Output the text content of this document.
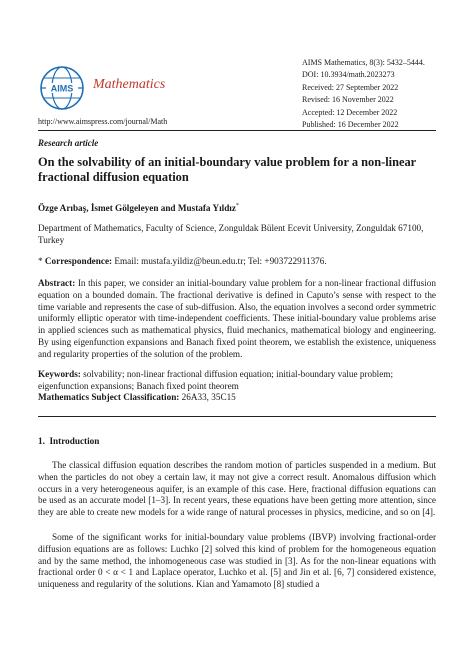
AIMS Mathematics
AIMS Mathematics, 8(3): 5432–5444.
DOI: 10.3934/math.2023273
Received: 27 September 2022
Revised: 16 November 2022
Accepted: 12 December 2022
Published: 16 December 2022
http://www.aimspress.com/journal/Math
Research article
On the solvability of an initial-boundary value problem for a non-linear fractional diffusion equation
Özge Arıbaş, İsmet Gölgeleyen and Mustafa Yıldız*
Department of Mathematics, Faculty of Science, Zonguldak Bülent Ecevit University, Zonguldak 67100, Turkey
* Correspondence: Email: mustafa.yildiz@beun.edu.tr; Tel: +903722911376.
Abstract: In this paper, we consider an initial-boundary value problem for a non-linear fractional diffusion equation on a bounded domain. The fractional derivative is defined in Caputo’s sense with respect to the time variable and represents the case of sub-diffusion. Also, the equation involves a second order symmetric uniformly elliptic operator with time-independent coefficients. These initial-boundary value problems arise in applied sciences such as mathematical physics, fluid mechanics, mathematical biology and engineering. By using eigenfunction expansions and Banach fixed point theorem, we establish the existence, uniqueness and regularity properties of the solution of the problem.
Keywords: solvability; non-linear fractional diffusion equation; initial-boundary value problem; eigenfunction expansions; Banach fixed point theorem
Mathematics Subject Classification: 26A33, 35C15
1. Introduction
The classical diffusion equation describes the random motion of particles suspended in a medium. But when the particles do not obey a certain law, it may not give a correct result. Anomalous diffusion which occurs in a very heterogeneous aquifer, is an example of this case. Here, fractional diffusion equations can be used as an accurate model [1–3]. In recent years, these equations have been getting more attention, since they are able to create new models for a wide range of natural processes in physics, medicine, and so on [4].
Some of the significant works for initial-boundary value problems (IBVP) involving fractional-order diffusion equations are as follows: Luchko [2] solved this kind of problem for the homogeneous equation and by the same method, the inhomogeneous case was studied in [3]. As for the non-linear equations with fractional order 0 < α < 1 and Laplace operator, Luchko et al. [5] and Jin et al. [6, 7] considered existence, uniqueness and regularity of the solutions. Kian and Yamamoto [8] studied a
